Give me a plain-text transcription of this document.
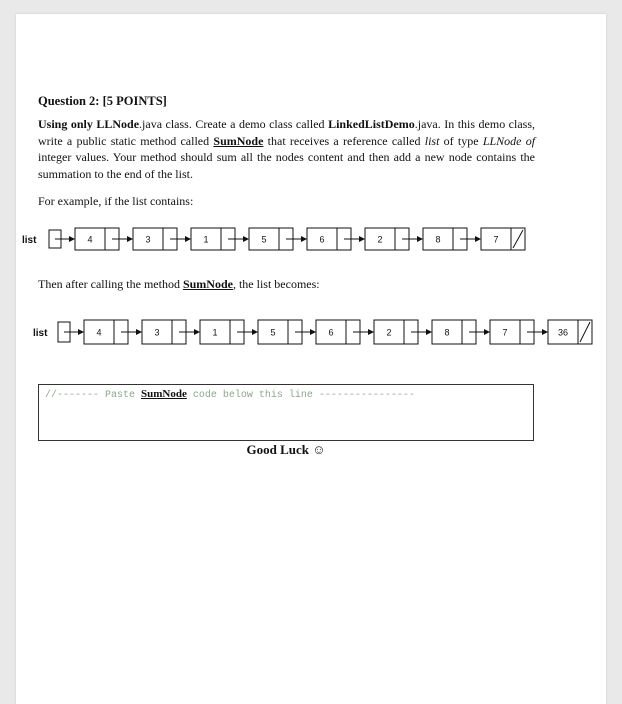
Question 2: [5 POINTS]
Using only LLNode.java class. Create a demo class called LinkedListDemo.java. In this demo class, write a public static method called SumNode that receives a reference called list of type LLNode of integer values. Your method should sum all the nodes content and then add a new node contains the summation to the end of the list.
For example, if the list contains:
Then after calling the method SumNode, the list becomes:
list	4	3	1	5	6	2	8	7
list	4	3	1	5	6	2	8	7	36
//------- Paste SumNode code below this line ----------------
Good Luck ☺
